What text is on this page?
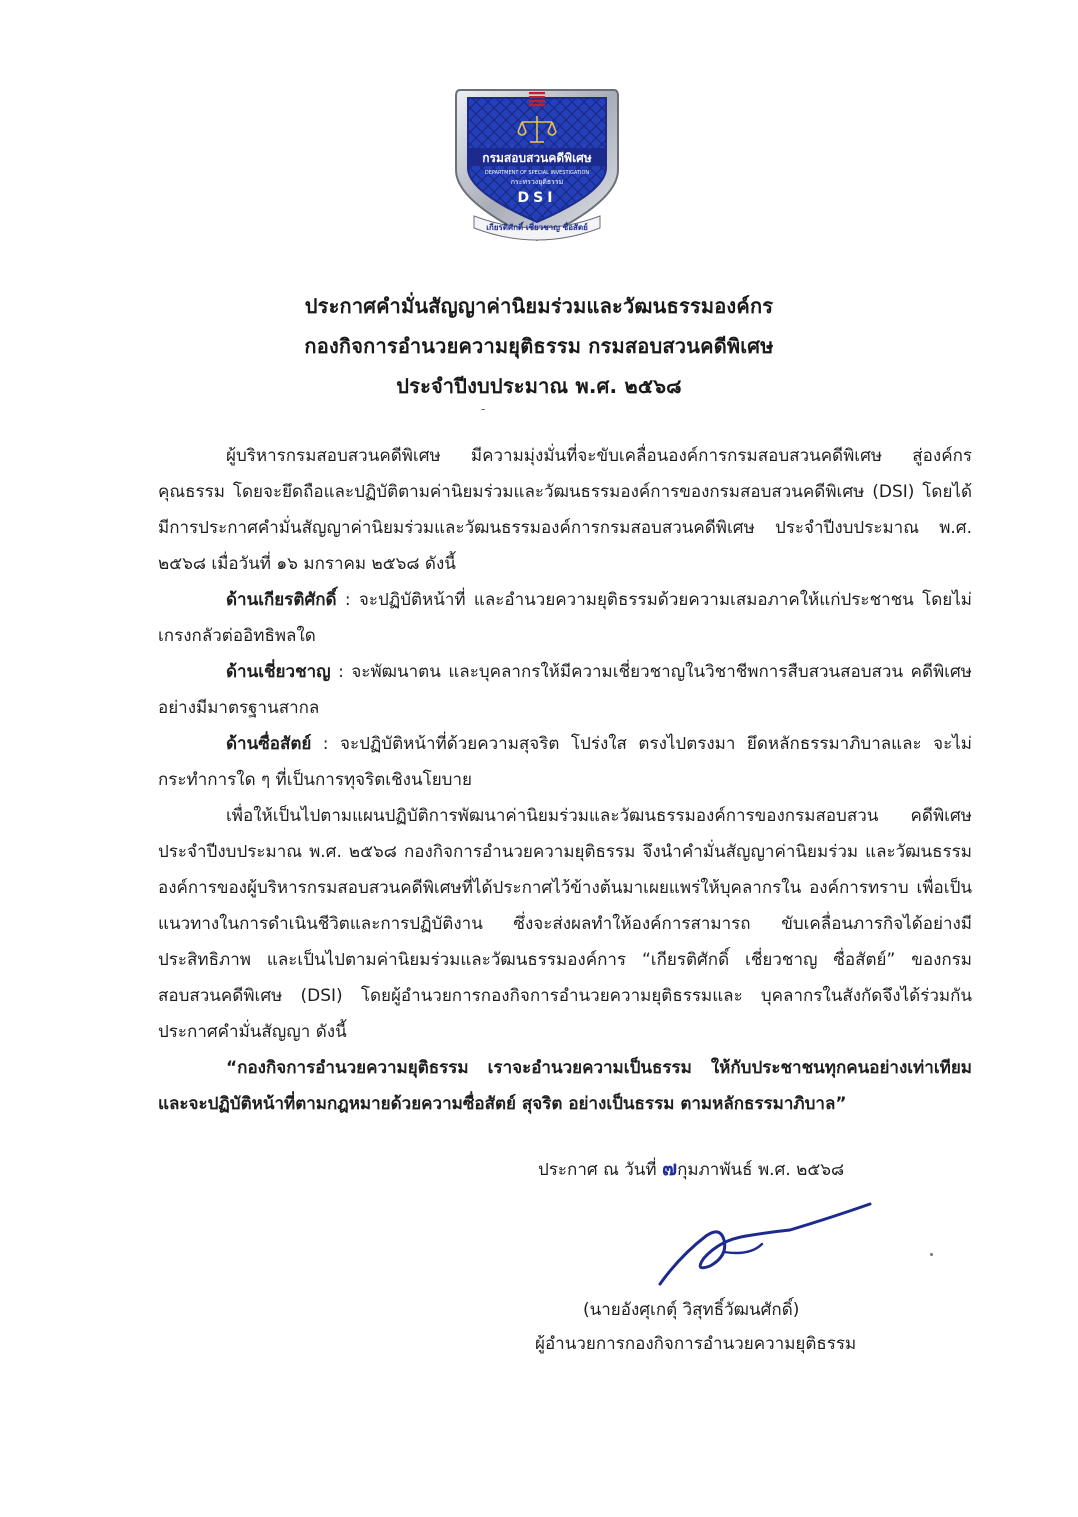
กรมสอบสวนคดีพิเศษ
DEPARTMENT OF SPECIAL INVESTIGATION
กระทรวงยุติธรรม
DSI
เกียรติศักดิ์ เชี่ยวชาญ ซื่อสัตย์
ประกาศคำมั่นสัญญาค่านิยมร่วมและวัฒนธรรมองค์กร
กองกิจการอำนวยความยุติธรรม กรมสอบสวนคดีพิเศษ
ประจำปีงบประมาณ พ.ศ. ๒๕๖๘
-

ผู้บริหารกรมสอบสวนคดีพิเศษ มีความมุ่งมั่นที่จะขับเคลื่อนองค์การกรมสอบสวนคดีพิเศษ สู่องค์กรคุณธรรม โดยจะยึดถือและปฏิบัติตามค่านิยมร่วมและวัฒนธรรมองค์การของกรมสอบสวนคดีพิเศษ (DSI) โดยได้มีการประกาศคำมั่นสัญญาค่านิยมร่วมและวัฒนธรรมองค์การกรมสอบสวนคดีพิเศษ ประจำปีงบประมาณ พ.ศ. ๒๕๖๘ เมื่อวันที่ ๑๖ มกราคม ๒๕๖๘ ดังนี้

ด้านเกียรติศักดิ์ : จะปฏิบัติหน้าที่ และอำนวยความยุติธรรมด้วยความเสมอภาคให้แก่ประชาชน โดยไม่เกรงกลัวต่ออิทธิพลใด

ด้านเชี่ยวชาญ : จะพัฒนาตน และบุคลากรให้มีความเชี่ยวชาญในวิชาชีพการสืบสวนสอบสวน คดีพิเศษ อย่างมีมาตรฐานสากล

ด้านซื่อสัตย์ : จะปฏิบัติหน้าที่ด้วยความสุจริต โปร่งใส ตรงไปตรงมา ยึดหลักธรรมาภิบาลและ จะไม่กระทำการใด ๆ ที่เป็นการทุจริตเชิงนโยบาย

เพื่อให้เป็นไปตามแผนปฏิบัติการพัฒนาค่านิยมร่วมและวัฒนธรรมองค์การของกรมสอบสวน คดีพิเศษ ประจำปีงบประมาณ พ.ศ. ๒๕๖๘ กองกิจการอำนวยความยุติธรรม จึงนำคำมั่นสัญญาค่านิยมร่วม และวัฒนธรรมองค์การของผู้บริหารกรมสอบสวนคดีพิเศษที่ได้ประกาศไว้ข้างต้นมาเผยแพร่ให้บุคลากรใน องค์การทราบ เพื่อเป็นแนวทางในการดำเนินชีวิตและการปฏิบัติงาน ซึ่งจะส่งผลทำให้องค์การสามารถ ขับเคลื่อนภารกิจได้อย่างมีประสิทธิภาพ และเป็นไปตามค่านิยมร่วมและวัฒนธรรมองค์การ “เกียรติศักดิ์ เชี่ยวชาญ ซื่อสัตย์” ของกรมสอบสวนคดีพิเศษ (DSI) โดยผู้อำนวยการกองกิจการอำนวยความยุติธรรมและ บุคลากรในสังกัดจึงได้ร่วมกันประกาศคำมั่นสัญญา ดังนี้

“กองกิจการอำนวยความยุติธรรม เราจะอำนวยความเป็นธรรม ให้กับประชาชนทุกคนอย่างเท่าเทียม และจะปฏิบัติหน้าที่ตามกฎหมายด้วยความซื่อสัตย์ สุจริต อย่างเป็นธรรม ตามหลักธรรมาภิบาล”

ประกาศ ณ วันที่ ๗กุมภาพันธ์ พ.ศ. ๒๕๖๘
(นายอังศุเกตุ์ วิสุทธิ์วัฒนศักดิ์)
ผู้อำนวยการกองกิจการอำนวยความยุติธรรม
